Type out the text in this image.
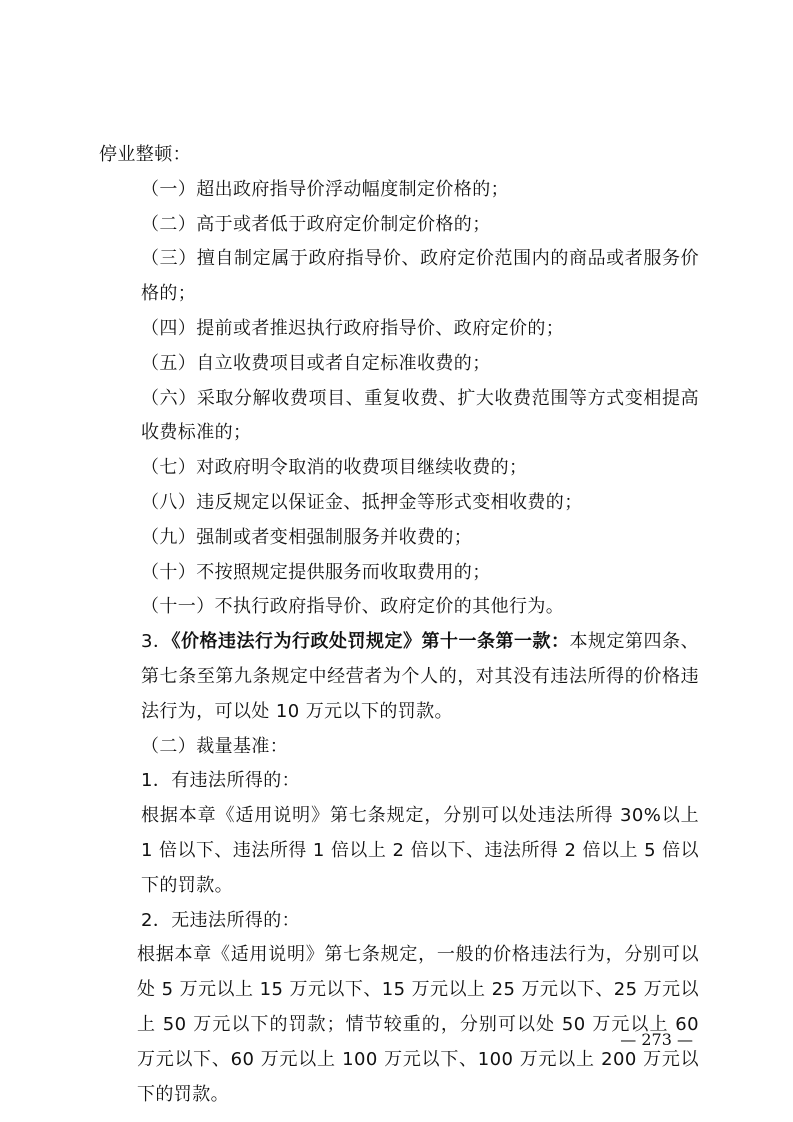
停业整顿：

（一）超出政府指导价浮动幅度制定价格的；

（二）高于或者低于政府定价制定价格的；

（三）擅自制定属于政府指导价、政府定价范围内的商品或者服务价格的；

（四）提前或者推迟执行政府指导价、政府定价的；

（五）自立收费项目或者自定标准收费的；

（六）采取分解收费项目、重复收费、扩大收费范围等方式变相提高收费标准的；

（七）对政府明令取消的收费项目继续收费的；

（八）违反规定以保证金、抵押金等形式变相收费的；

（九）强制或者变相强制服务并收费的；

（十）不按照规定提供服务而收取费用的；

（十一）不执行政府指导价、政府定价的其他行为。

3．《价格违法行为行政处罚规定》第十一条第一款：本规定第四条、第七条至第九条规定中经营者为个人的，对其没有违法所得的价格违法行为，可以处 10 万元以下的罚款。

（二）裁量基准：

1．有违法所得的：

根据本章《适用说明》第七条规定，分别可以处违法所得 30%以上 1 倍以下、违法所得 1 倍以上 2 倍以下、违法所得 2 倍以上 5 倍以下的罚款。

2．无违法所得的：

根据本章《适用说明》第七条规定，一般的价格违法行为，分别可以处 5 万元以上 15 万元以下、15 万元以上 25 万元以下、25 万元以上 50 万元以下的罚款；情节较重的，分别可以处 50 万元以上 60 万元以下、60 万元以上 100 万元以下、100 万元以上 200 万元以下的罚款。

— 273 —
